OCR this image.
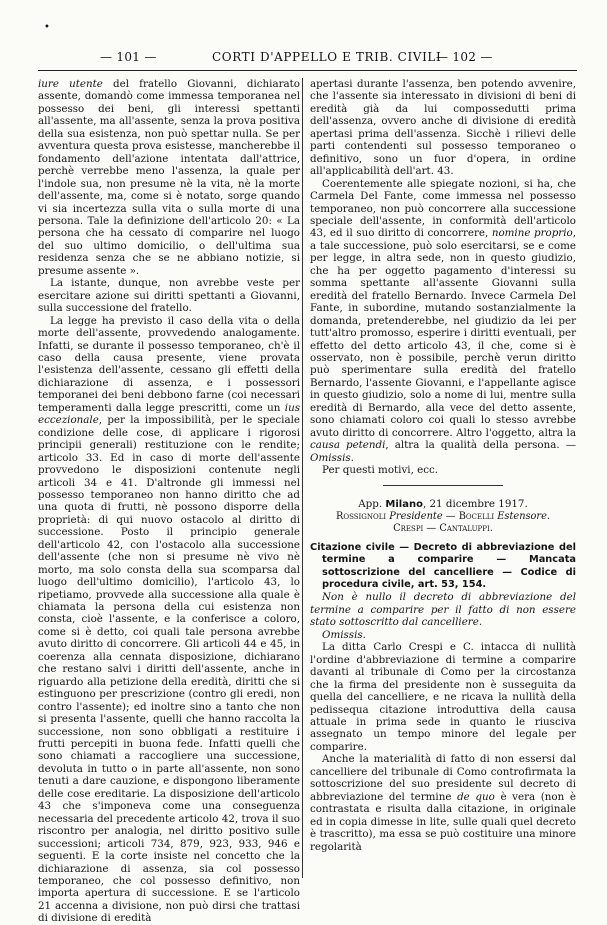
•
— 101 —	CORTI D'APPELLO E TRIB. CIVILI
— 102 —

iure utente del fratello Giovanni, dichiarato assente, domandò come immessa temporanea nel possesso dei beni, gli interessi spettanti all'assente, ma all'assente, senza la prova positiva della sua esistenza, non può spettar nulla. Se per avventura questa prova esistesse, mancherebbe il fondamento dell'azione intentata dall'attrice, perchè verrebbe meno l'assenza, la quale per l'indole sua, non presume nè la vita, nè la morte dell'assente, ma, come si è notato, sorge quando vi sia incertezza sulla vita o sulla morte di una persona. Tale la definizione dell'articolo 20: « La persona che ha cessato di comparire nel luogo del suo ultimo domicilio, o dell'ultima sua residenza senza che se ne abbiano notizie, si presume assente ».

La istante, dunque, non avrebbe veste per esercitare azione sui diritti spettanti a Giovanni, sulla successione del fratello.

La legge ha previsto il caso della vita o della morte dell'assente, provvedendo analogamente. Infatti, se durante il possesso temporaneo, ch'è il caso della causa presente, viene provata l'esistenza dell'assente, cessano gli effetti della dichiarazione di assenza, e i possessori temporanei dei beni debbono farne (coi necessari temperamenti dalla legge prescritti, come un ius eccezionale, per la impossibilità, per le speciale condizione delle cose, di applicare i rigorosi principii generali) restituzione con le rendite; articolo 33. Ed in caso di morte dell'assente provvedono le disposizioni contenute negli articoli 34 e 41. D'altronde gli immessi nel possesso temporaneo non hanno diritto che ad una quota di frutti, nè possono disporre della proprietà: di qui nuovo ostacolo al diritto di successione. Posto il principio generale dell'articolo 42, con l'ostacolo alla successione dell'assente (che non si presume nè vivo nè morto, ma solo consta della sua scomparsa dal luogo dell'ultimo domicilio), l'articolo 43, lo ripetiamo, provvede alla successione alla quale è chiamata la persona della cui esistenza non consta, cioè l'assente, e la conferisce a coloro, come si è detto, coi quali tale persona avrebbe avuto diritto di concorrere. Gli articoli 44 e 45, in coerenza alla cennata disposizione, dichiarano che restano salvi i diritti dell'assente, anche in riguardo alla petizione della eredità, diritti che si estinguono per prescrizione (contro gli eredi, non contro l'assente); ed inoltre sino a tanto che non si presenta l'assente, quelli che hanno raccolta la successione, non sono obbligati a restituire i frutti percepiti in buona fede. Infatti quelli che sono chiamati a raccogliere una successione, devoluta in tutto o in parte all'assente, non sono tenuti a dare cauzione, e dispongono liberamente delle cose ereditarie. La disposizione dell'articolo 43 che s'imponeva come una conseguenza necessaria del precedente articolo 42, trova il suo riscontro per analogia, nel diritto positivo sulle successioni; articoli 734, 879, 923, 933, 946 e seguenti. E la corte insiste nel concetto che la dichiarazione di assenza, sia col possesso temporaneo, che col possesso definitivo, non importa apertura di successione. E se l'articolo 21 accenna a divisione, non può dirsi che trattasi di divisione di eredità

apertasi durante l'assenza, ben potendo avvenire, che l'assente sia interessato in divisioni di beni di eredità già da lui compossedutti prima dell'assenza, ovvero anche di divisione di eredità apertasi prima dell'assenza. Sicchè i rilievi delle parti contendenti sul possesso temporaneo o definitivo, sono un fuor d'opera, in ordine all'applicabilità dell'art. 43.

Coerentemente alle spiegate nozioni, si ha, che Carmela Del Fante, come immessa nel possesso temporaneo, non può concorrere alla successione speciale dell'assente, in conformità dell'articolo 43, ed il suo diritto di concorrere, nomine proprio, a tale successione, può solo esercitarsi, se e come per legge, in altra sede, non in questo giudizio, che ha per oggetto pagamento d'interessi su somma spettante all'assente Giovanni sulla eredità del fratello Bernardo. Invece Carmela Del Fante, in subordine, mutando sostanzialmente la domanda, pretenderebbe, nel giudizio da lei per tutt'altro promosso, esperire i diritti eventuali, per effetto del detto articolo 43, il che, come si è osservato, non è possibile, perchè verun diritto può sperimentare sulla eredità del fratello Bernardo, l'assente Giovanni, e l'appellante agisce in questo giudizio, solo a nome di lui, mentre sulla eredità di Bernardo, alla vece del detto assente, sono chiamati coloro coi quali lo stesso avrebbe avuto diritto di concorrere. Altro l'oggetto, altra la causa petendi, altra la qualità della persona. — Omissis.

Per questi motivi, ecc.

App. Milano, 21 dicembre 1917.
Rossignoli Presidente — Bocelli Estensore.
Crespi — Cantaluppi.
Citazione civile — Decreto di abbreviazione del termine a comparire — Mancata sottoscrizione del cancelliere — Codice di procedura civile, art. 53, 154.

Non è nullo il decreto di abbreviazione del termine a comparire per il fatto di non essere stato sottoscritto dal cancelliere.

Omissis.

La ditta Carlo Crespi e C. intacca di nullità l'ordine d'abbreviazione di termine a comparire davanti al tribunale di Como per la circostanza che la firma del presidente non è susseguita da quella del cancelliere, e ne ricava la nullità della pedissequa citazione introduttiva della causa attuale in prima sede in quanto le riusciva assegnato un tempo minore del legale per comparire.

Anche la materialità di fatto di non essersi dal cancelliere del tribunale di Como controfirmata la sottoscrizione del suo presidente sul decreto di abbreviazione del termine de quo è vera (non è contrastata e risulta dalla citazione, in originale ed in copia dimesse in lite, sulle quali quel decreto è trascritto), ma essa se può costituire una minore regolarità
